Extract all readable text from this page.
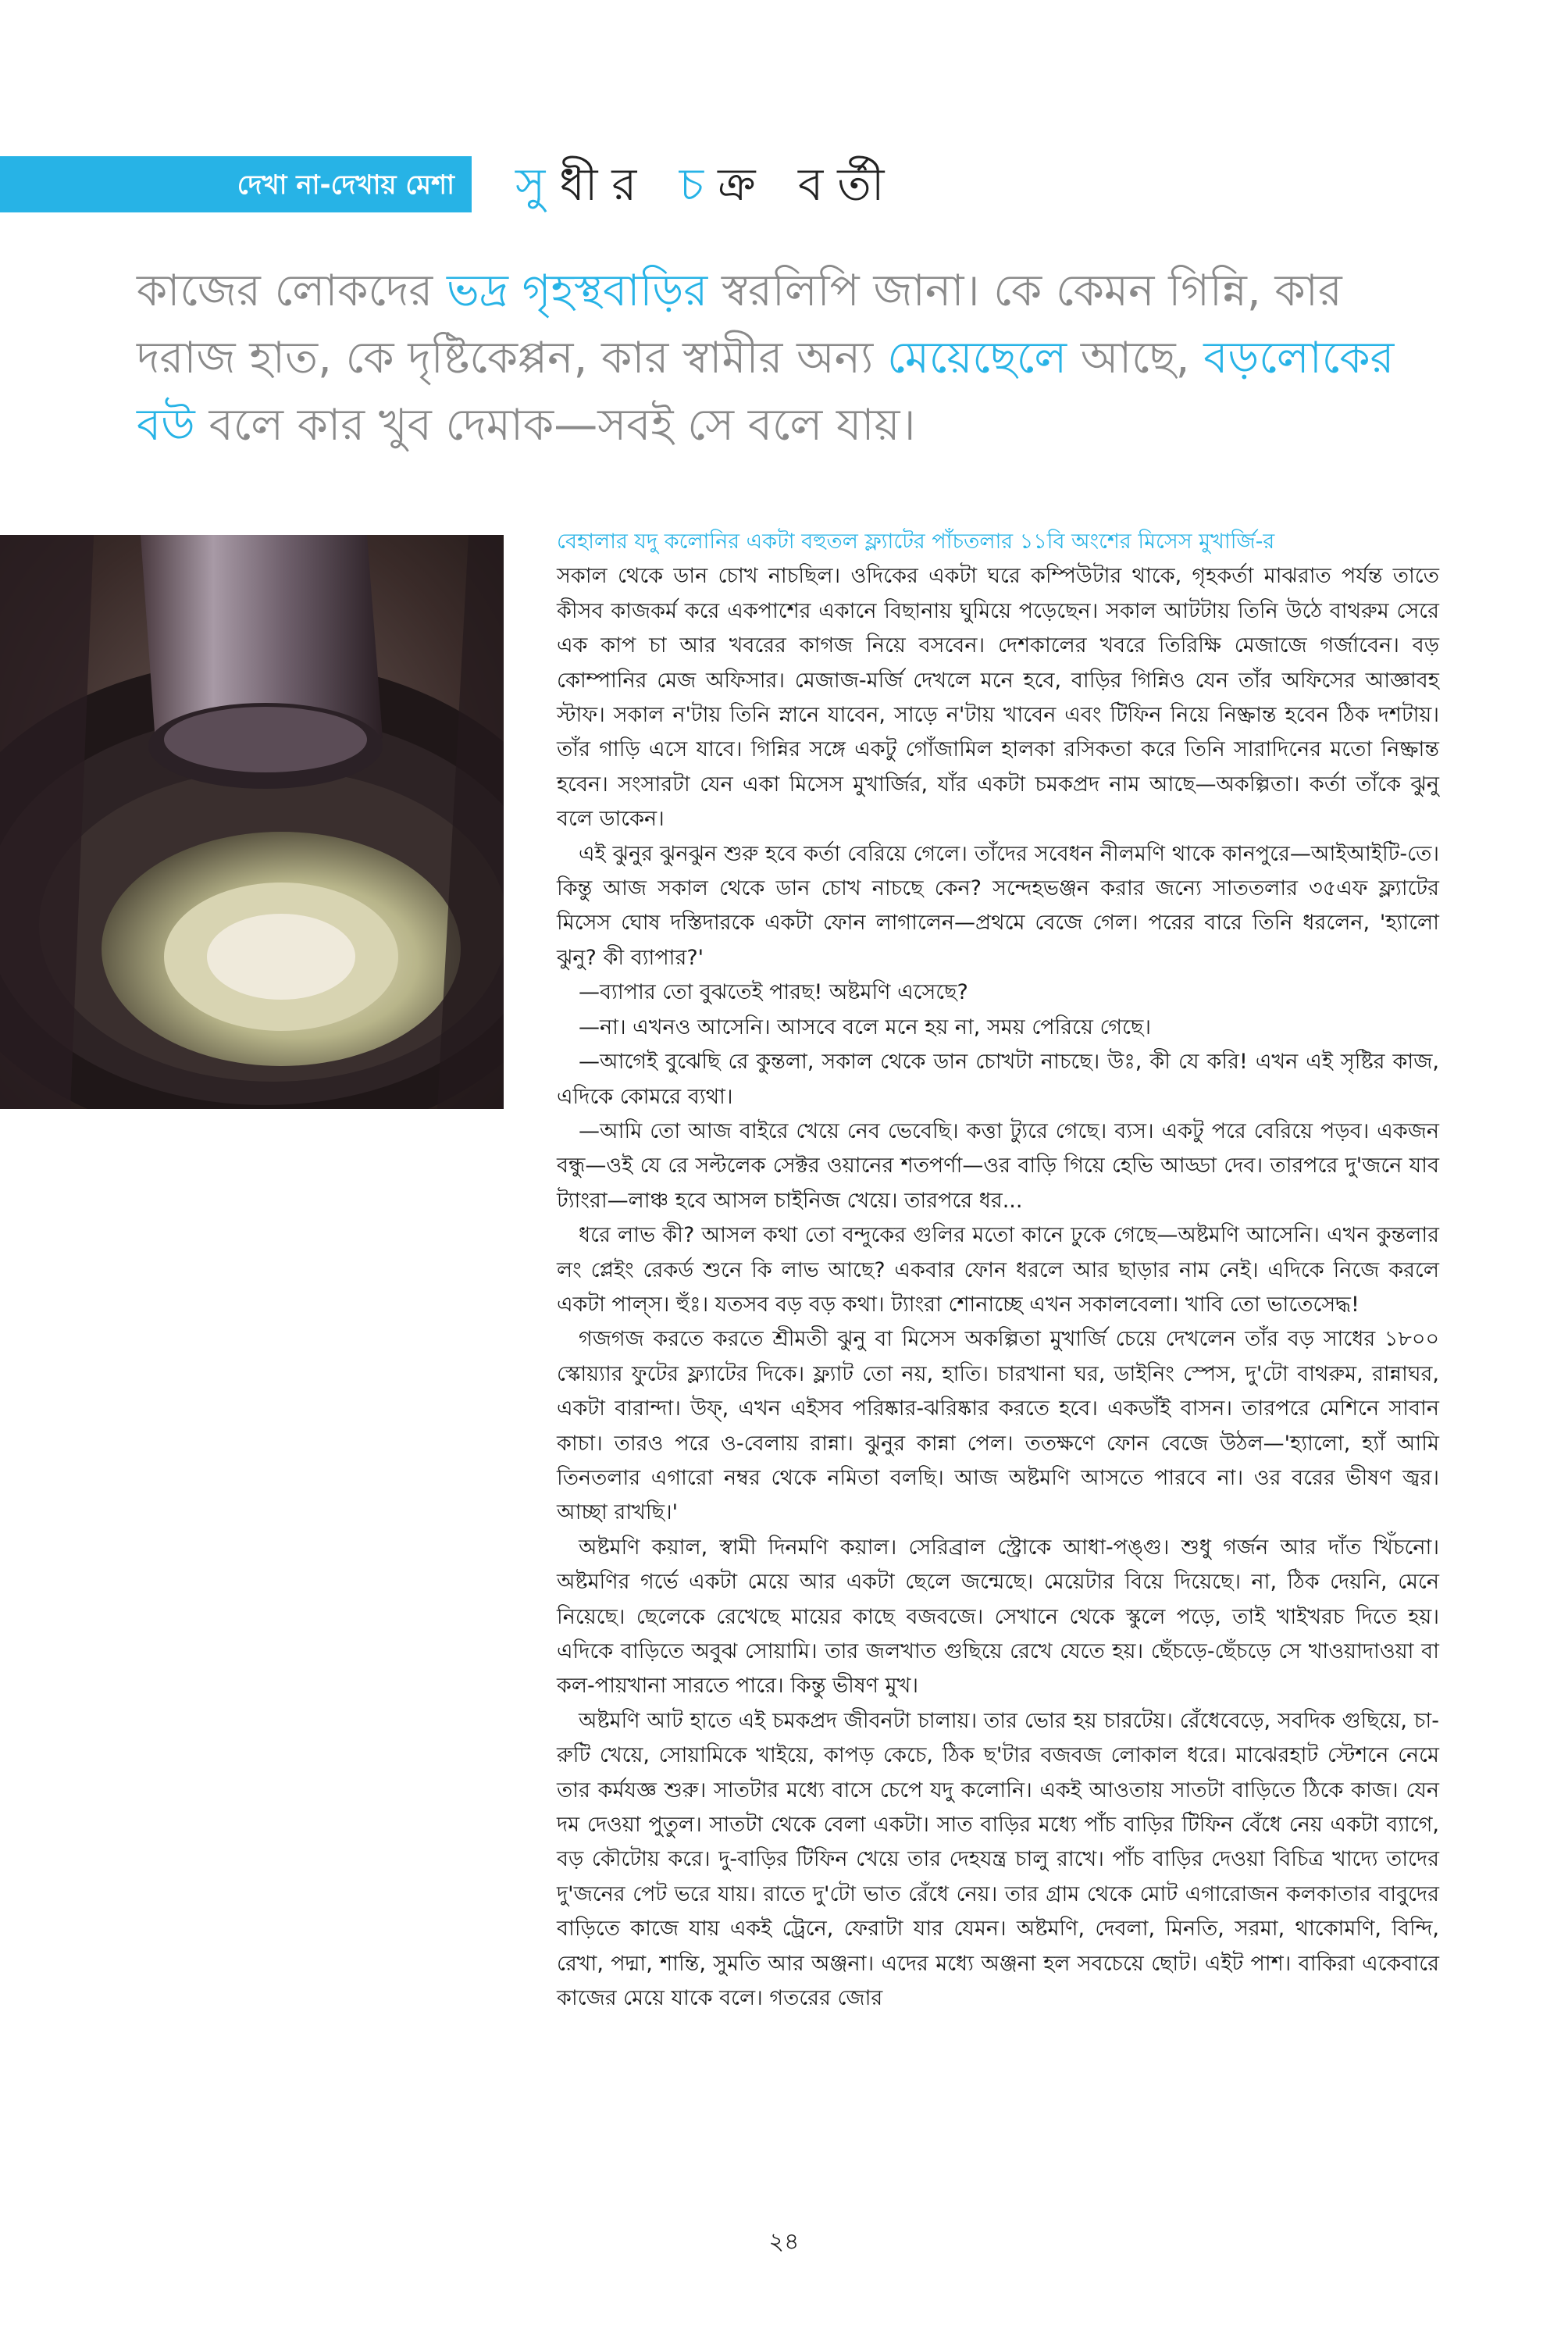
দেখা না-দেখায় মেশা সুধীর চক্র বর্তী
কাজের লোকদের ভদ্র গৃহস্থবাড়ির স্বরলিপি জানা। কে কেমন গিন্নি, কার দরাজ হাত, কে দৃষ্টিকেপ্পন, কার স্বামীর অন্য মেয়েছেলে আছে, বড়লোকের বউ বলে কার খুব দেমাক—সবই সে বলে যায়।

বেহালার যদু কলোনির একটা বহুতল ফ্ল্যাটের পাঁচতলার ১১বি অংশের মিসেস মুখার্জি-র

সকাল থেকে ডান চোখ নাচছিল। ওদিকের একটা ঘরে কম্পিউটার থাকে, গৃহকর্তা মাঝরাত পর্যন্ত তাতে কীসব কাজকর্ম করে একপাশের একানে বিছানায় ঘুমিয়ে পড়েছেন। সকাল আটটায় তিনি উঠে বাথরুম সেরে এক কাপ চা আর খবরের কাগজ নিয়ে বসবেন। দেশকালের খবরে তিরিক্ষি মেজাজে গর্জাবেন। বড় কোম্পানির মেজ অফিসার। মেজাজ-মর্জি দেখলে মনে হবে, বাড়ির গিন্নিও যেন তাঁর অফিসের আজ্ঞাবহ স্টাফ। সকাল ন'টায় তিনি স্নানে যাবেন, সাড়ে ন'টায় খাবেন এবং টিফিন নিয়ে নিষ্ক্রান্ত হবেন ঠিক দশটায়। তাঁর গাড়ি এসে যাবে। গিন্নির সঙ্গে একটু গোঁজামিল হালকা রসিকতা করে তিনি সারাদিনের মতো নিষ্ক্রান্ত হবেন। সংসারটা যেন একা মিসেস মুখার্জির, যাঁর একটা চমকপ্রদ নাম আছে—অকল্পিতা। কর্তা তাঁকে ঝুনু বলে ডাকেন।

এই ঝুনুর ঝুনঝুন শুরু হবে কর্তা বেরিয়ে গেলে। তাঁদের সবেধন নীলমণি থাকে কানপুরে—আইআইটি-তে। কিন্তু আজ সকাল থেকে ডান চোখ নাচছে কেন? সন্দেহভঞ্জন করার জন্যে সাততলার ৩৫এফ ফ্ল্যাটের মিসেস ঘোষ দস্তিদারকে একটা ফোন লাগালেন—প্রথমে বেজে গেল। পরের বারে তিনি ধরলেন, 'হ্যালো ঝুনু? কী ব্যাপার?'

—ব্যাপার তো বুঝতেই পারছ! অষ্টমণি এসেছে?

—না। এখনও আসেনি। আসবে বলে মনে হয় না, সময় পেরিয়ে গেছে।

—আগেই বুঝেছি রে কুন্তলা, সকাল থেকে ডান চোখটা নাচছে। উঃ, কী যে করি! এখন এই সৃষ্টির কাজ, এদিকে কোমরে ব্যথা।

—আমি তো আজ বাইরে খেয়ে নেব ভেবেছি। কত্তা ট্যুরে গেছে। ব্যস। একটু পরে বেরিয়ে পড়ব। একজন বন্ধু—ওই যে রে সল্টলেক সেক্টর ওয়ানের শতপর্ণা—ওর বাড়ি গিয়ে হেভি আড্ডা দেব। তারপরে দু'জনে যাব ট্যাংরা—লাঞ্চ হবে আসল চাইনিজ খেয়ে। তারপরে ধর...

ধরে লাভ কী? আসল কথা তো বন্দুকের গুলির মতো কানে ঢুকে গেছে—অষ্টমণি আসেনি। এখন কুন্তলার লং প্লেইং রেকর্ড শুনে কি লাভ আছে? একবার ফোন ধরলে আর ছাড়ার নাম নেই। এদিকে নিজে করলে একটা পাল্স। হুঁঃ। যতসব বড় বড় কথা। ট্যাংরা শোনাচ্ছে এখন সকালবেলা। খাবি তো ভাতেসেদ্ধ!

গজগজ করতে করতে শ্রীমতী ঝুনু বা মিসেস অকল্পিতা মুখার্জি চেয়ে দেখলেন তাঁর বড় সাধের ১৮০০ স্কোয়্যার ফুটের ফ্ল্যাটের দিকে। ফ্ল্যাট তো নয়, হাতি। চারখানা ঘর, ডাইনিং স্পেস, দু'টো বাথরুম, রান্নাঘর, একটা বারান্দা। উফ্, এখন এইসব পরিষ্কার-ঝরিষ্কার করতে হবে। একডাঁই বাসন। তারপরে মেশিনে সাবান কাচা। তারও পরে ও-বেলায় রান্না। ঝুনুর কান্না পেল। ততক্ষণে ফোন বেজে উঠল—'হ্যালো, হ্যাঁ আমি তিনতলার এগারো নম্বর থেকে নমিতা বলছি। আজ অষ্টমণি আসতে পারবে না। ওর বরের ভীষণ জ্বর। আচ্ছা রাখছি।'

অষ্টমণি কয়াল, স্বামী দিনমণি কয়াল। সেরিব্রাল স্ট্রোকে আধা-পঙ্গু। শুধু গর্জন আর দাঁত খিঁচনো। অষ্টমণির গর্ভে একটা মেয়ে আর একটা ছেলে জন্মেছে। মেয়েটার বিয়ে দিয়েছে। না, ঠিক দেয়নি, মেনে নিয়েছে। ছেলেকে রেখেছে মায়ের কাছে বজবজে। সেখানে থেকে স্কুলে পড়ে, তাই খাইখরচ দিতে হয়। এদিকে বাড়িতে অবুঝ সোয়ামি। তার জলখাত গুছিয়ে রেখে যেতে হয়। ছেঁচড়ে-ছেঁচড়ে সে খাওয়াদাওয়া বা কল-পায়খানা সারতে পারে। কিন্তু ভীষণ মুখ।

অষ্টমণি আট হাতে এই চমকপ্রদ জীবনটা চালায়। তার ভোর হয় চারটেয়। রেঁধেবেড়ে, সবদিক গুছিয়ে, চা-রুটি খেয়ে, সোয়ামিকে খাইয়ে, কাপড় কেচে, ঠিক ছ'টার বজবজ লোকাল ধরে। মাঝেরহাট স্টেশনে নেমে তার কর্মযজ্ঞ শুরু। সাতটার মধ্যে বাসে চেপে যদু কলোনি। একই আওতায় সাতটা বাড়িতে ঠিকে কাজ। যেন দম দেওয়া পুতুল। সাতটা থেকে বেলা একটা। সাত বাড়ির মধ্যে পাঁচ বাড়ির টিফিন বেঁধে নেয় একটা ব্যাগে, বড় কৌটোয় করে। দু-বাড়ির টিফিন খেয়ে তার দেহযন্ত্র চালু রাখে। পাঁচ বাড়ির দেওয়া বিচিত্র খাদ্যে তাদের দু'জনের পেট ভরে যায়। রাতে দু'টো ভাত রেঁধে নেয়। তার গ্রাম থেকে মোট এগারোজন কলকাতার বাবুদের বাড়িতে কাজে যায় একই ট্রেনে, ফেরাটা যার যেমন। অষ্টমণি, দেবলা, মিনতি, সরমা, থাকোমণি, বিন্দি, রেখা, পদ্মা, শান্তি, সুমতি আর অঞ্জনা। এদের মধ্যে অঞ্জনা হল সবচেয়ে ছোট। এইট পাশ। বাকিরা একেবারে কাজের মেয়ে যাকে বলে। গতরের জোর

২৪
